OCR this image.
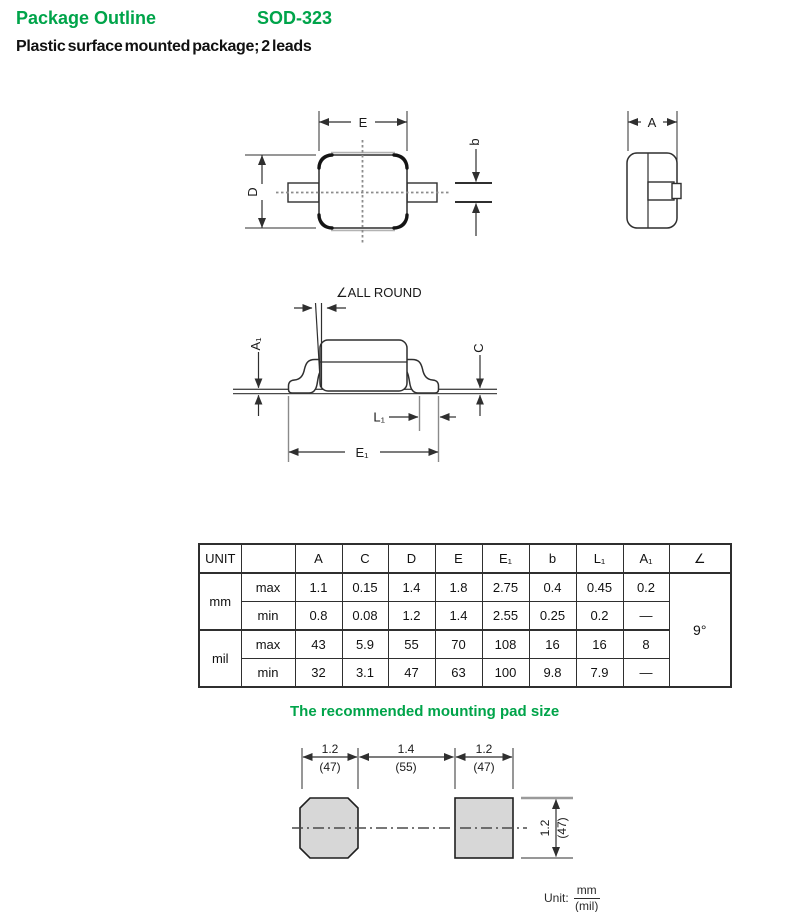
Package Outline	SOD-323
Plastic surface mounted package; 2 leads
E
D
b
A
∠ALL ROUND
A₁	C
L₁
E₁
1.2
(47)
1.4
(55)
1.2
(47)
1.2 (47)
UNIT		A	C	D	E	E₁	b	L₁	A₁	∠
mm	max	1.1	0.15	1.4	1.8	2.75	0.4	0.45	0.2	9°
	min	0.8	0.08	1.2	1.4	2.55	0.25	0.2	—	
mil	max	43	5.9	55	70	108	16	16	8	
	min	32	3.1	47	63	100	9.8	7.9	—	
The recommended mounting pad size
Unit: $\frac{mm}{\text{(mil)}}$
